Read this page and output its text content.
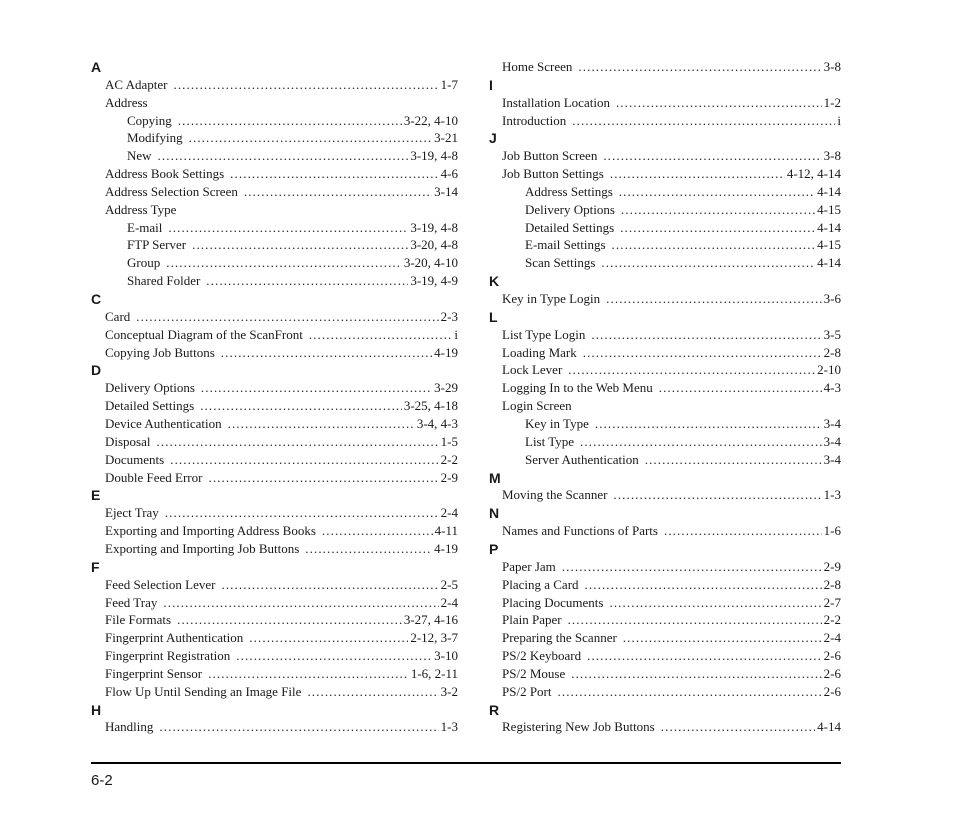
A
AC Adapter .....	1-7
Address
Copying .....	3-22, 4-10
Modifying .....	3-21
New .....	3-19, 4-8
Address Book Settings .....	4-6
Address Selection Screen .....	3-14
Address Type
E-mail .....	3-19, 4-8
FTP Server .....	3-20, 4-8
Group .....	3-20, 4-10
Shared Folder .....	3-19, 4-9
C
Card .....	2-3
Conceptual Diagram of the ScanFront .....	i
Copying Job Buttons .....	4-19
D
Delivery Options .....	3-29
Detailed Settings .....	3-25, 4-18
Device Authentication .....	3-4, 4-3
Disposal .....	1-5
Documents .....	2-2
Double Feed Error .....	2-9
E
Eject Tray .....	2-4
Exporting and Importing Address Books .....	4-11
Exporting and Importing Job Buttons .....	4-19
F
Feed Selection Lever .....	2-5
Feed Tray .....	2-4
File Formats .....	3-27, 4-16
Fingerprint Authentication .....	2-12, 3-7
Fingerprint Registration .....	3-10
Fingerprint Sensor .....	1-6, 2-11
Flow Up Until Sending an Image File .....	3-2
H
Handling .....	1-3
Home Screen .....	3-8
I
Installation Location .....	1-2
Introduction .....	i
J
Job Button Screen .....	3-8
Job Button Settings .....	4-12, 4-14
Address Settings .....	4-14
Delivery Options .....	4-15
Detailed Settings .....	4-14
E-mail Settings .....	4-15
Scan Settings .....	4-14
K
Key in Type Login .....	3-6
L
List Type Login .....	3-5
Loading Mark .....	2-8
Lock Lever .....	2-10
Logging In to the Web Menu .....	4-3
Login Screen
Key in Type .....	3-4
List Type .....	3-4
Server Authentication .....	3-4
M
Moving the Scanner .....	1-3
N
Names and Functions of Parts .....	1-6
P
Paper Jam .....	2-9
Placing a Card .....	2-8
Placing Documents .....	2-7
Plain Paper .....	2-2
Preparing the Scanner .....	2-4
PS/2 Keyboard .....	2-6
PS/2 Mouse .....	2-6
PS/2 Port .....	2-6
R
Registering New Job Buttons .....	4-14
6-2
